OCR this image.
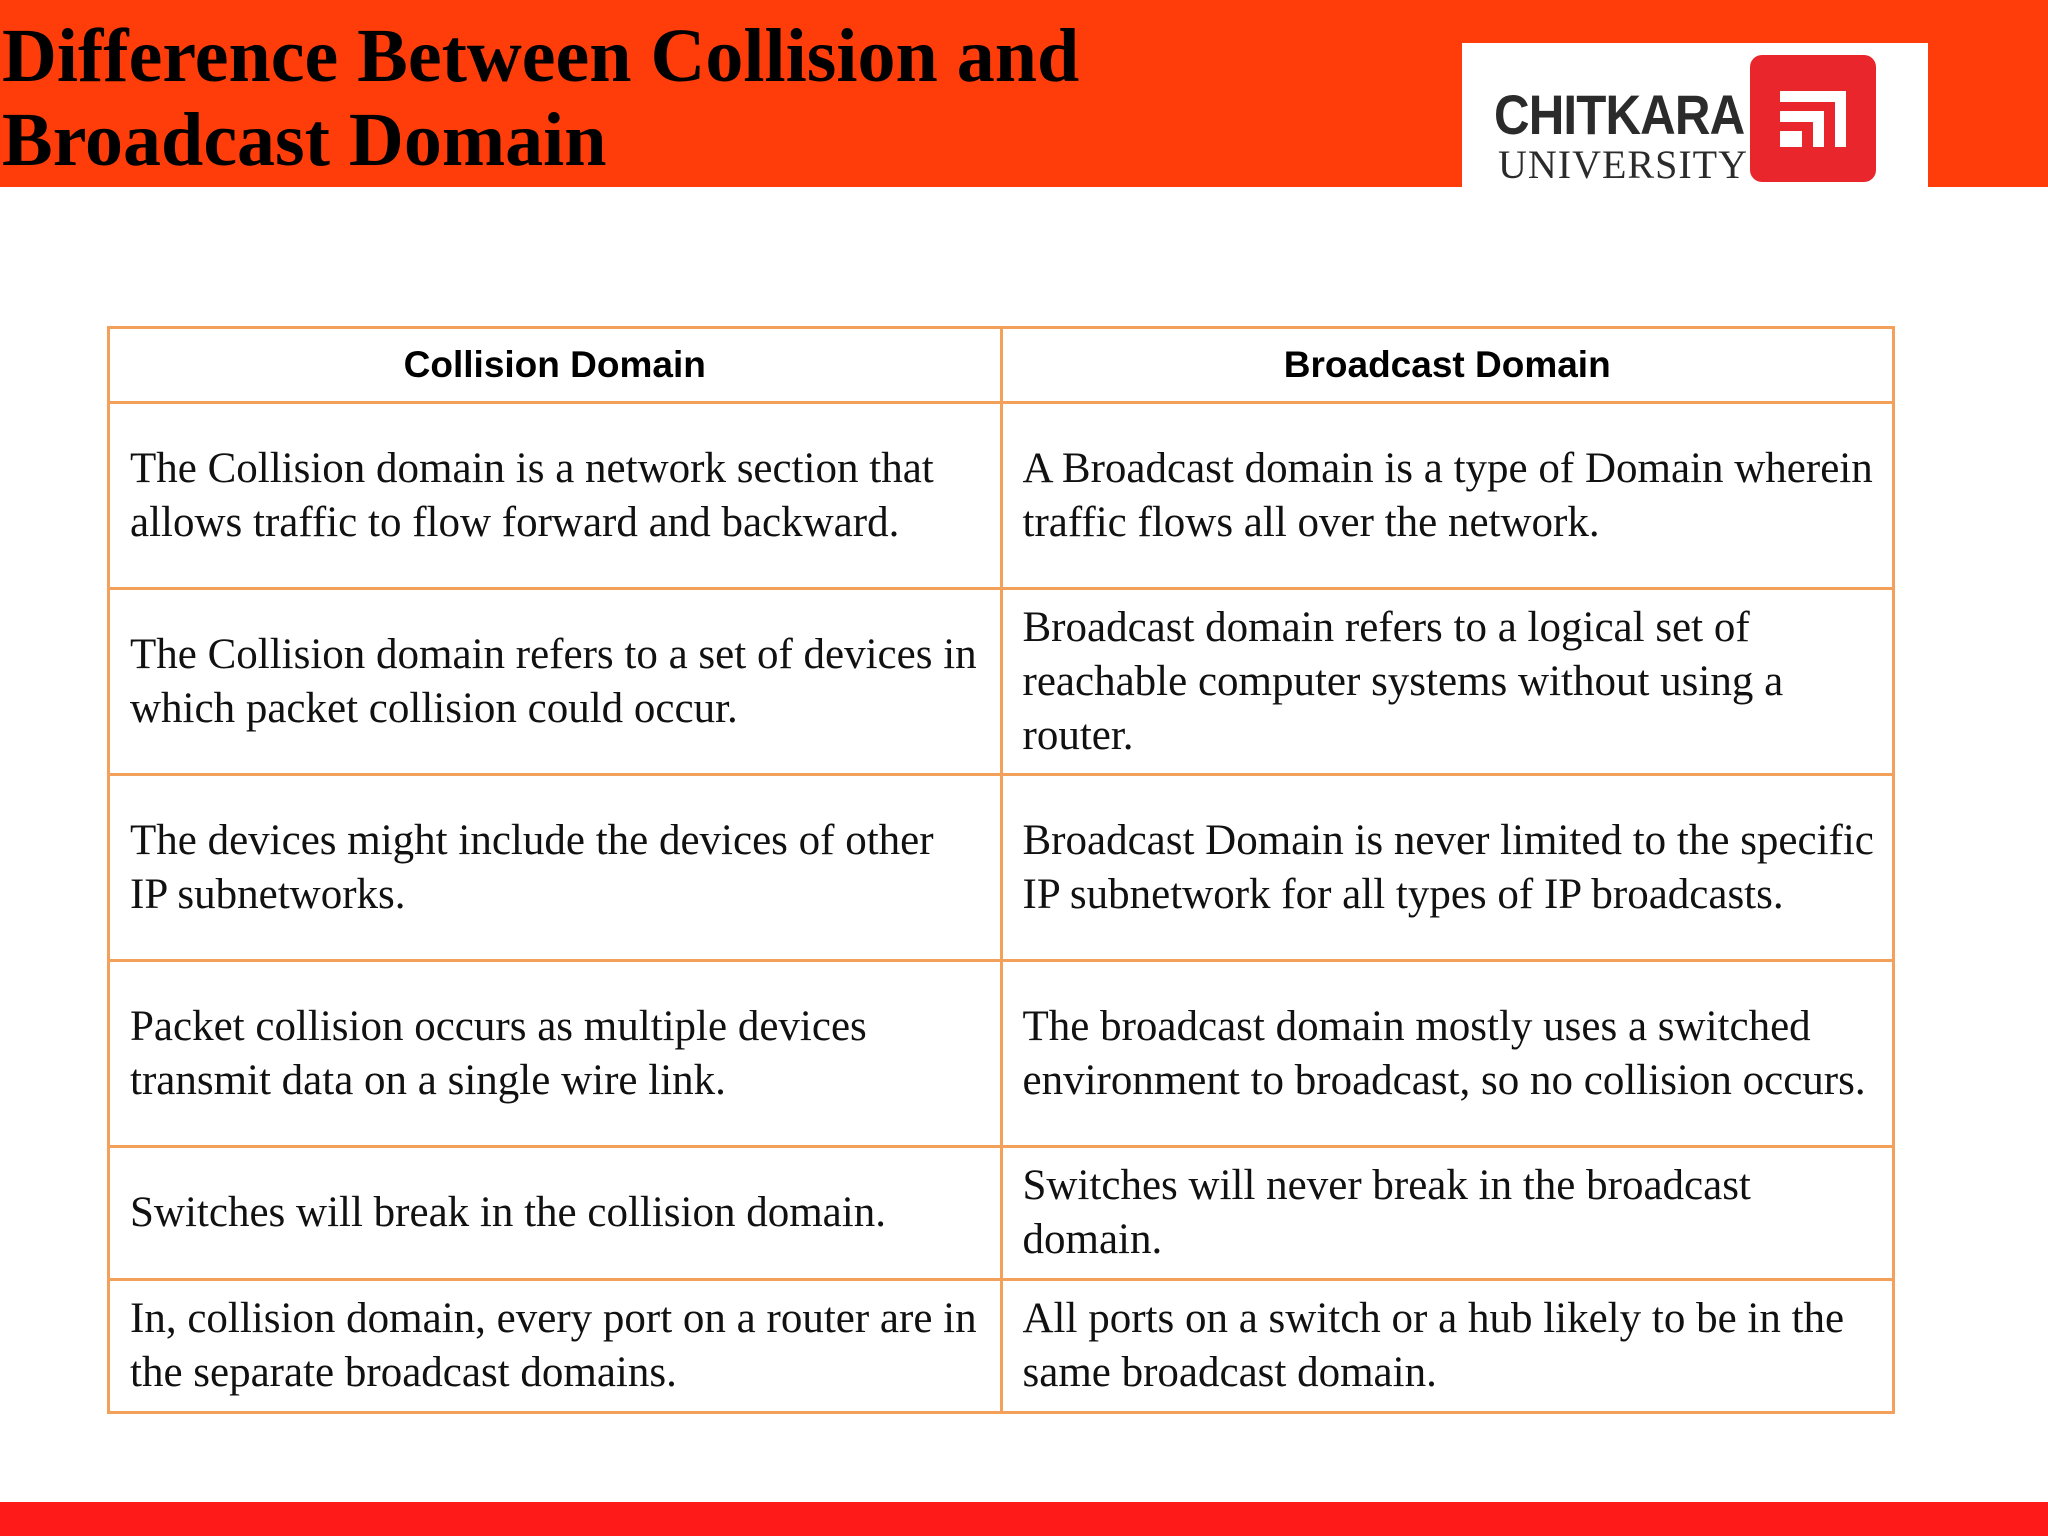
Difference Between Collision and
Broadcast Domain	CHITKARA
UNIVERSITY
Collision Domain	Broadcast Domain
The Collision domain is a network section that allows traffic to flow forward and backward.	A Broadcast domain is a type of Domain wherein traffic flows all over the network.
The Collision domain refers to a set of devices in which packet collision could occur.	Broadcast domain refers to a logical set of reachable computer systems without using a router.
The devices might include the devices of other IP subnetworks.	Broadcast Domain is never limited to the specific IP subnetwork for all types of IP broadcasts.
Packet collision occurs as multiple devices transmit data on a single wire link.	The broadcast domain mostly uses a switched environment to broadcast, so no collision occurs.
Switches will break in the collision domain.	Switches will never break in the broadcast domain.
In, collision domain, every port on a router are in the separate broadcast domains.	All ports on a switch or a hub likely to be in the same broadcast domain.
